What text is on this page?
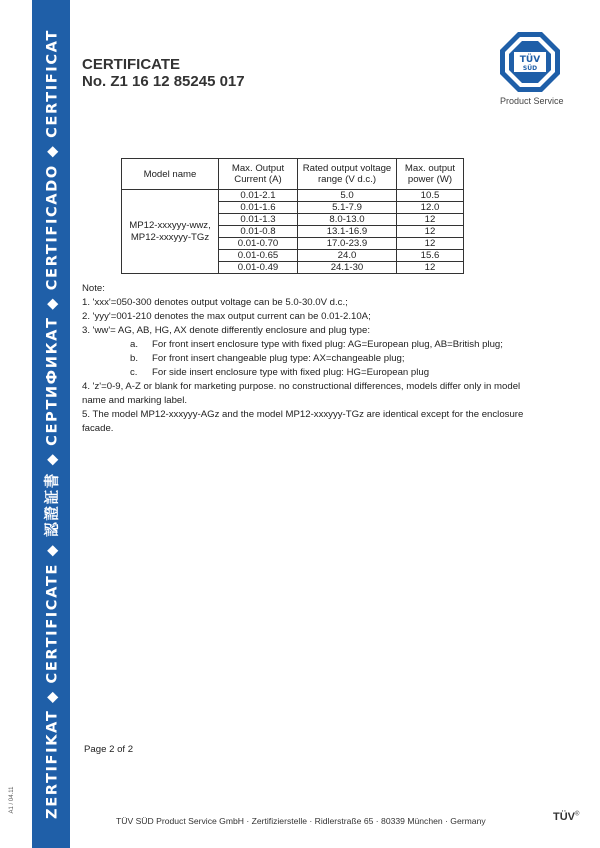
ZERTIFIKAT ◆ CERTIFICATE ◆ 認證証書 ◆ СЕРТИФИКАТ ◆ CERTIFICADO ◆ CERTIFICAT
A1 / 04.11
CERTIFICATE
No. Z1 16 12 85245 017
TÜV
SÜD
Product Service
Model name	Max. Output Current (A)	Rated output voltage range (V d.c.)	Max. output power (W)

MP12-xxxyyy-wwz,
MP12-xxxyyy-TGz	0.01-2.1	5.0	10.5
	0.01-1.6	5.1-7.9	12.0
	0.01-1.3	8.0-13.0	12
	0.01-0.8	13.1-16.9	12
	0.01-0.70	17.0-23.9	12
	0.01-0.65	24.0	15.6
	0.01-0.49	24.1-30	12

Note:

1. 'xxx'=050-300 denotes output voltage can be 5.0-30.0V d.c.;

2. 'yyy'=001-210 denotes the max output current can be 0.01-2.10A;

3. 'ww'= AG, AB, HG, AX denote differently enclosure and plug type:

a.	For front insert enclosure type with fixed plug: AG=European plug, AB=British plug;
b.	For front insert changeable plug type: AX=changeable plug;
c.	For side insert enclosure type with fixed plug: HG=European plug

4. 'z'=0-9, A-Z or blank for marketing purpose. no constructional differences, models differ only in model name and marking label.

5. The model MP12-xxxyyy-AGz and the model MP12-xxxyyy-TGz are identical except for the enclosure facade.

Page 2 of 2
TÜV SÜD Product Service GmbH · Zertifizierstelle · Ridlerstraße 65 · 80339 München · Germany	TÜV®
